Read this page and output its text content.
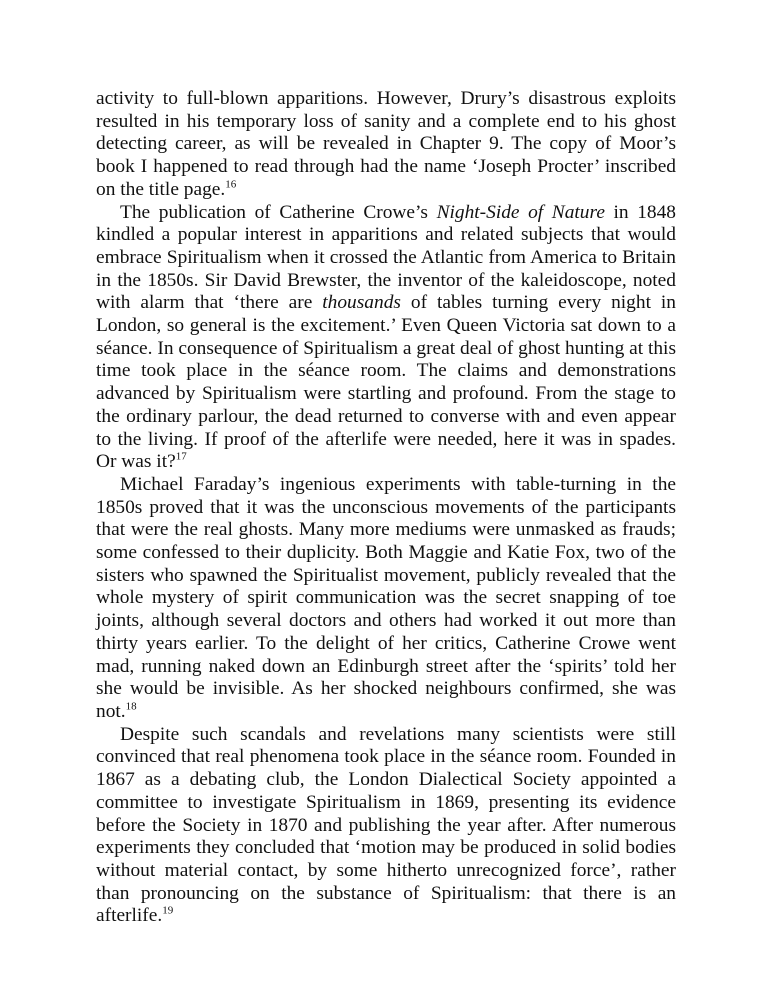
activity to full-blown apparitions. However, Drury’s disastrous exploits resulted in his temporary loss of sanity and a complete end to his ghost detecting career, as will be revealed in Chapter 9. The copy of Moor’s book I happened to read through had the name ‘Joseph Procter’ inscribed on the title page.$^{16}$

The publication of Catherine Crowe’s Night-Side of Nature in 1848 kindled a popular interest in apparitions and related subjects that would embrace Spiritualism when it crossed the Atlantic from America to Britain in the 1850s. Sir David Brewster, the inventor of the kaleidoscope, noted with alarm that ‘there are thousands of tables turning every night in London, so general is the excitement.’ Even Queen Victoria sat down to a séance. In consequence of Spiritualism a great deal of ghost hunting at this time took place in the séance room. The claims and demonstrations advanced by Spiritualism were startling and profound. From the stage to the ordinary parlour, the dead returned to converse with and even appear to the living. If proof of the afterlife were needed, here it was in spades. Or was it?$^{17}$

Michael Faraday’s ingenious experiments with table-turning in the 1850s proved that it was the unconscious movements of the participants that were the real ghosts. Many more mediums were unmasked as frauds; some confessed to their duplicity. Both Maggie and Katie Fox, two of the sisters who spawned the Spiritualist movement, publicly revealed that the whole mystery of spirit communication was the secret snapping of toe joints, although several doctors and others had worked it out more than thirty years earlier. To the delight of her critics, Catherine Crowe went mad, running naked down an Edinburgh street after the ‘spirits’ told her she would be invisible. As her shocked neighbours confirmed, she was not.$^{18}$

Despite such scandals and revelations many scientists were still convinced that real phenomena took place in the séance room. Founded in 1867 as a debating club, the London Dialectical Society appointed a committee to investigate Spiritualism in 1869, presenting its evidence before the Society in 1870 and publishing the year after. After numerous experiments they concluded that ‘motion may be produced in solid bodies without material contact, by some hitherto unrecognized force’, rather than pronouncing on the substance of Spiritualism: that there is an afterlife.$^{19}$
